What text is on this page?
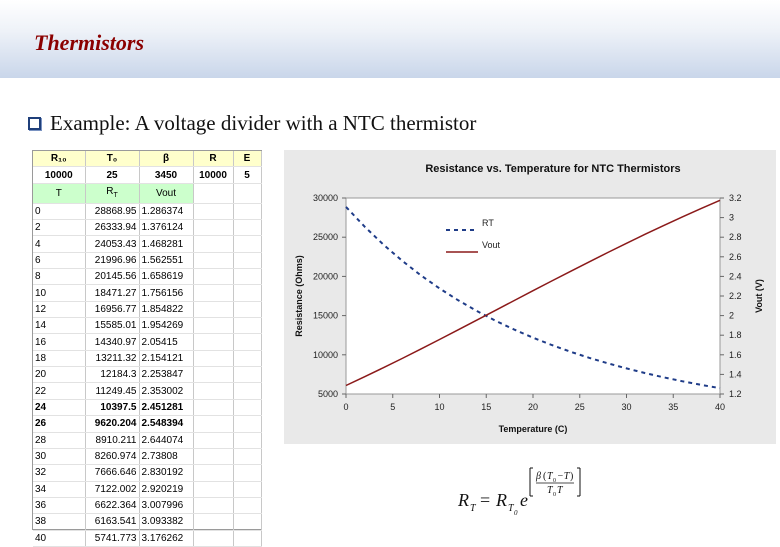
Thermistors
Example: A voltage divider with a NTC thermistor
R₁₀	T₀	β	R	E
10000	25	3450	10000	5
T	$R_T$	Vout		
0	28868.95	1.286374		
2	26333.94	1.376124		
4	24053.43	1.468281		
6	21996.96	1.562551		
8	20145.56	1.658619		
10	18471.27	1.756156		
12	16956.77	1.854822		
14	15585.01	1.954269		
16	14340.97	2.05415		
18	13211.32	2.154121		
20	12184.3	2.253847		
22	11249.45	2.353002		
24	10397.5	2.451281		
26	9620.204	2.548394		
28	8910.211	2.644074		
30	8260.974	2.73808		
32	7666.646	2.830192		
34	7122.002	2.920219		
36	6622.364	3.007996		
38	6163.541	3.093382		
40	5741.773	3.176262		
Resistance vs. Temperature for NTC Thermistors
0	5	10	15	20	25	30	35	40
5000
10000
15000
20000
25000
30000
1.2
1.4
1.6
1.8
2
2.2
2.4
2.6
2.8
3
3.2
Temperature (C)
Resistance (Ohms)	Vout (V)
RT
Vout
R T = R T 0
e
β ( T 0 −T )
T 0 T
